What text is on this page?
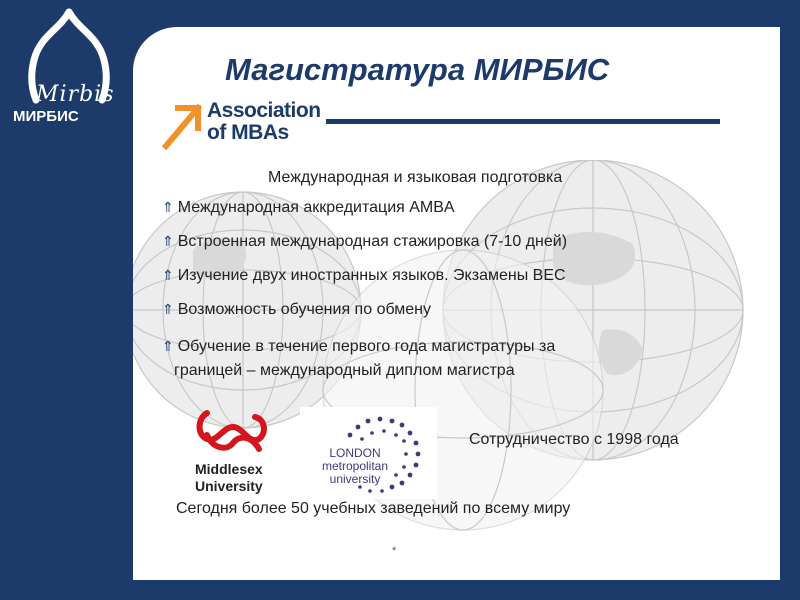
Mirbis
МИРБИС
Магистратура МИРБИС
Association
of MBAs
Международная и языковая подготовка
⇑ Международная аккредитация AMBA
⇑ Встроенная международная стажировка (7-10 дней)
⇑ Изучение двух иностранных языков. Экзамены BEC
⇑ Возможность обучения по обмену
⇑ Обучение в течение первого года магистратуры за
границей – международный диплом магистра
Middlesex
University
LONDON
metropolitan
university
Сотрудничество с 1998 года
Сегодня более 50 учебных заведений по всему миру
*
6
